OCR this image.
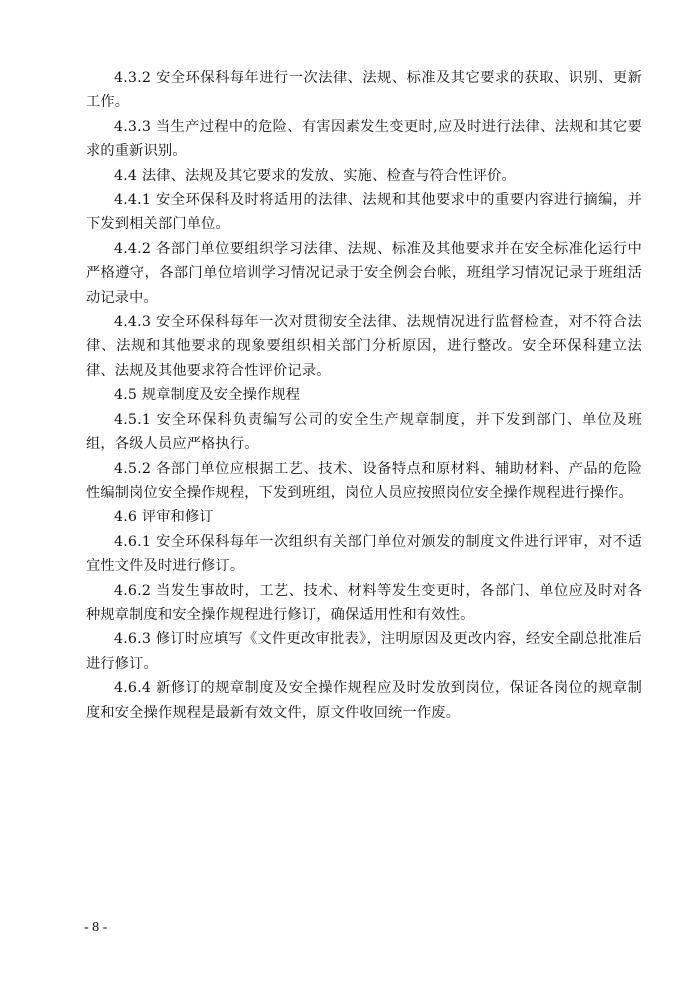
4.3.2 安全环保科每年进行一次法律、法规、标准及其它要求的获取、识别、更新工作。

4.3.3 当生产过程中的危险、有害因素发生变更时,应及时进行法律、法规和其它要求的重新识别。

4.4 法律、法规及其它要求的发放、实施、检查与符合性评价。

4.4.1 安全环保科及时将适用的法律、法规和其他要求中的重要内容进行摘编，并下发到相关部门单位。

4.4.2 各部门单位要组织学习法律、法规、标准及其他要求并在安全标准化运行中严格遵守，各部门单位培训学习情况记录于安全例会台帐，班组学习情况记录于班组活动记录中。

4.4.3 安全环保科每年一次对贯彻安全法律、法规情况进行监督检查，对不符合法律、法规和其他要求的现象要组织相关部门分析原因，进行整改。安全环保科建立法律、法规及其他要求符合性评价记录。

4.5 规章制度及安全操作规程

4.5.1 安全环保科负责编写公司的安全生产规章制度，并下发到部门、单位及班组，各级人员应严格执行。

4.5.2 各部门单位应根据工艺、技术、设备特点和原材料、辅助材料、产品的危险性编制岗位安全操作规程，下发到班组，岗位人员应按照岗位安全操作规程进行操作。

4.6 评审和修订

4.6.1 安全环保科每年一次组织有关部门单位对颁发的制度文件进行评审，对不适宜性文件及时进行修订。

4.6.2 当发生事故时，工艺、技术、材料等发生变更时，各部门、单位应及时对各种规章制度和安全操作规程进行修订，确保适用性和有效性。

4.6.3 修订时应填写《文件更改审批表》，注明原因及更改内容，经安全副总批准后进行修订。

4.6.4 新修订的规章制度及安全操作规程应及时发放到岗位，保证各岗位的规章制度和安全操作规程是最新有效文件，原文件收回统一作废。

- 8 -
